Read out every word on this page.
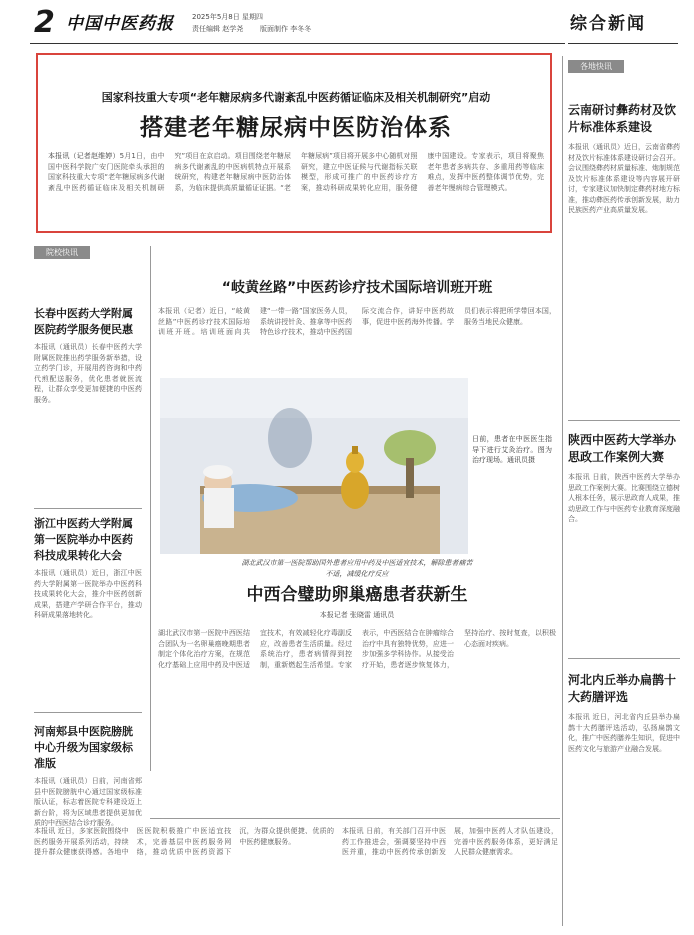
2 中国中医药报	2025年5月8日 星期四
责任编辑 赵学尧 版面制作 李冬冬	综合新闻
国家科技重大专项“老年糖尿病多代谢紊乱中医药循证临床及相关机制研究”启动
搭建老年糖尿病中医防治体系
本报讯（记者赵维婷）5月1日，由中国中医科学院广安门医院牵头承担的国家科技重大专项“老年糖尿病多代谢紊乱中医药循证临床及相关机制研究”项目在京启动。项目围绕老年糖尿病多代谢紊乱的中医病机特点开展系统研究，构建老年糖尿病中医防治体系，为临床提供高质量循证证据。“老年糖尿病”项目将开展多中心随机对照研究，建立中医证候与代谢指标关联模型，形成可推广的中医药诊疗方案，推动科研成果转化应用，服务健康中国建设。专家表示，项目将聚焦老年患者多病共存、多重用药等临床难点，发挥中医药整体调节优势，完善老年慢病综合管理模式。
院校快讯
长春中医药大学附属医院药学服务便民惠
本报讯（通讯员）长春中医药大学附属医院推出药学服务新举措，设立药学门诊，开展用药咨询和中药代煎配送服务，优化患者就医流程，让群众享受更加便捷的中医药服务。
浙江中医药大学附属第一医院举办中医药科技成果转化大会
本报讯（通讯员）近日，浙江中医药大学附属第一医院举办中医药科技成果转化大会，推介中医药创新成果，搭建产学研合作平台，推动科研成果落地转化。
河南郏县中医院膀胱中心升级为国家级标准版
本报讯（通讯员）日前，河南省郏县中医院膀胱中心通过国家级标准版认证，标志着医院专科建设迈上新台阶，将为区域患者提供更加优质的中西医结合诊疗服务。
“岐黄丝路”中医药诊疗技术国际培训班开班
本报讯（记者）近日，“岐黄丝路”中医药诊疗技术国际培训班开班。培训班面向共建“一带一路”国家医务人员，系统讲授针灸、推拿等中医药特色诊疗技术，推动中医药国际交流合作，讲好中医药故事，促进中医药海外传播。学员们表示将把所学带回本国，服务当地民众健康。
日前，患者在中医医生指导下进行艾灸治疗。图为治疗现场。通讯员摄
湖北武汉市第一医院帮助国外患者应用中药及中医适宜技术，解除患者痛苦
不适，减缓化疗反应
中西合璧助卵巢癌患者获新生
本报记者 张晓雷 通讯员
湖北武汉市第一医院中西医结合团队为一名卵巢癌晚期患者制定个体化治疗方案，在规范化疗基础上应用中药及中医适宜技术，有效减轻化疗毒副反应，改善患者生活质量。经过系统治疗，患者病情得到控制，重新燃起生活希望。专家表示，中西医结合在肿瘤综合治疗中具有独特优势，应进一步加强多学科协作。从接受治疗开始，患者逐步恢复体力，坚持治疗、按时复查，以积极心态面对疾病。
本报讯 近日，多家医院围绕中医药服务开展系列活动，持续提升群众健康获得感。各地中医医院积极推广中医适宜技术，完善基层中医药服务网络，推动优质中医药资源下沉，为群众提供便捷、优质的中医药健康服务。
本报讯 日前，有关部门召开中医药工作推进会，强调要坚持中西医并重，推动中医药传承创新发展，加强中医药人才队伍建设，完善中医药服务体系，更好满足人民群众健康需求。
各地快讯
云南研讨彝药材及饮片标准体系建设
本报讯（通讯员）近日，云南省彝药材及饮片标准体系建设研讨会召开。会议围绕彝药材质量标准、炮制规范及饮片标准体系建设等内容展开研讨，专家建议加快制定彝药材地方标准，推动彝医药传承创新发展，助力民族医药产业高质量发展。
陕西中医药大学举办思政工作案例大赛
本报讯 日前，陕西中医药大学举办思政工作案例大赛。比赛围绕立德树人根本任务，展示思政育人成果，推动思政工作与中医药专业教育深度融合。
河北内丘举办扁鹊十大药膳评选
本报讯 近日，河北省内丘县举办扁鹊十大药膳评选活动，弘扬扁鹊文化，推广中医药膳养生知识，促进中医药文化与旅游产业融合发展。
